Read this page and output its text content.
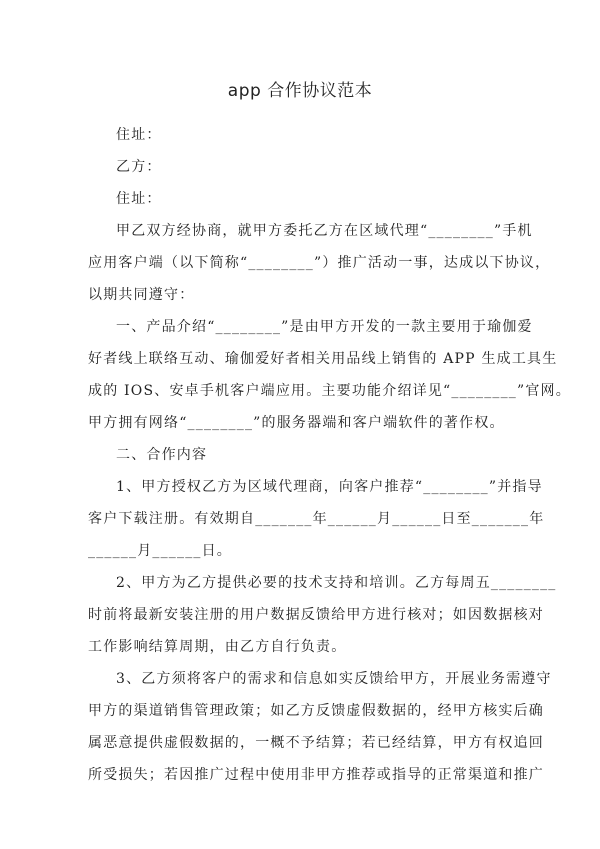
app 合作协议范本
住址：
乙方：
住址：
甲乙双方经协商，就甲方委托乙方在区域代理“________”手机
应用客户端（以下简称“________”）推广活动一事，达成以下协议，
以期共同遵守：
一、产品介绍“________”是由甲方开发的一款主要用于瑜伽爱
好者线上联络互动、瑜伽爱好者相关用品线上销售的 APP 生成工具生
成的 IOS、安卓手机客户端应用。主要功能介绍详见“________”官网。
甲方拥有网络“________”的服务器端和客户端软件的著作权。
二、合作内容
1、甲方授权乙方为区域代理商，向客户推荐“________”并指导
客户下载注册。有效期自_______年______月______日至_______年
______月______日。
2、甲方为乙方提供必要的技术支持和培训。乙方每周五________
时前将最新安装注册的用户数据反馈给甲方进行核对；如因数据核对
工作影响结算周期，由乙方自行负责。
3、乙方须将客户的需求和信息如实反馈给甲方，开展业务需遵守
甲方的渠道销售管理政策；如乙方反馈虚假数据的，经甲方核实后确
属恶意提供虚假数据的，一概不予结算；若已经结算，甲方有权追回
所受损失；若因推广过程中使用非甲方推荐或指导的正常渠道和推广
